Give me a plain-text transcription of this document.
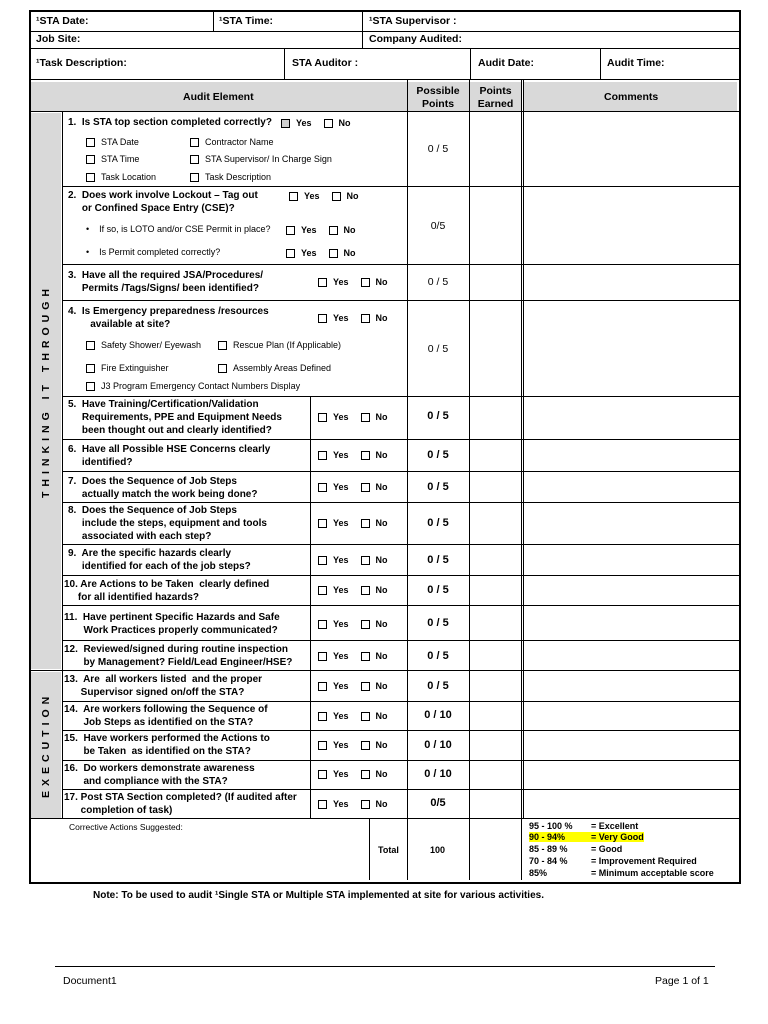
¹STA Date:	¹STA Time:	¹STA Supervisor :
Job Site:	Company Audited:
¹Task Description:	STA Auditor :	Audit Date:	Audit Time:
Audit Element	Possible Points
Points Earned
Comments
THINKING IT THROUGH
EXECUTION
1.  Is STA top section completed correctly?	Yes	No
STA Date	Contractor Name
STA Time	STA Supervisor/ In Charge Sign
Task Location	Task Description
0 / 5
2.  Does work involve Lockout – Tag out
or Confined Space Entry (CSE)?
Yes	No
•    If so, is LOTO and/or CSE Permit in place?	Yes	No
•    Is Permit completed correctly?	Yes	No
0/5
3.  Have all the required JSA/Procedures/
Permits /Tags/Signs/ been identified?
Yes	No	0 / 5
4.  Is Emergency preparedness /resources
available at site?
Yes	No
Safety Shower/ Eyewash	Rescue Plan (If Applicable)
Fire Extinguisher	Assembly Areas Defined
J3 Program Emergency Contact Numbers Display
0 / 5
5.  Have Training/Certification/Validation
Requirements, PPE and Equipment Needs
been thought out and clearly identified?
Yes	No	0 / 5
6.  Have all Possible HSE Concerns clearly
identified?
Yes	No	0 / 5
7.  Does the Sequence of Job Steps
actually match the work being done?
Yes	No	0 / 5
8.  Does the Sequence of Job Steps
include the steps, equipment and tools
associated with each step?
Yes	No	0 / 5
9.  Are the specific hazards clearly
identified for each of the job steps?
Yes	No	0 / 5
10. Are Actions to be Taken  clearly defined
for all identified hazards?
Yes	No	0 / 5
11.  Have pertinent Specific Hazards and Safe
Work Practices properly communicated?
Yes	No	0 / 5
12.  Reviewed/signed during routine inspection
by Management? Field/Lead Engineer/HSE?
Yes	No	0 / 5
13.  Are  all workers listed  and the proper
Supervisor signed on/off the STA?
Yes	No	0 / 5
14.  Are workers following the Sequence of
Job Steps as identified on the STA?
Yes	No	0 / 10
15.  Have workers performed the Actions to
be Taken  as identified on the STA?
Yes	No	0 / 10
16.  Do workers demonstrate awareness
and compliance with the STA?
Yes	No	0 / 10
17. Post STA Section completed? (If audited after
completion of task)
Yes	No	0/5
Corrective Actions Suggested:
Total	100
95 - 100 % = Excellent
90 - 94%	= Very Good
85 - 89 %	= Good
70 - 84 %	= Improvement Required
85%	= Minimum acceptable score
Note: To be used to audit ¹Single STA or Multiple STA implemented at site for various activities.
Document1	Page 1 of 1
